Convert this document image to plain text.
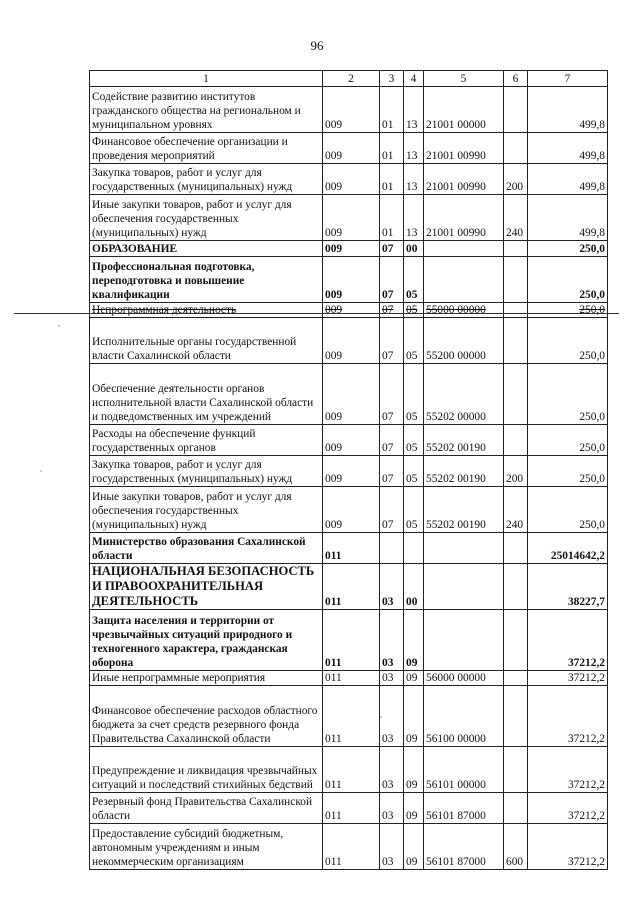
96
1	2	3	4	5	6	7
Содействие развитию институтов гражданского общества на региональном и муниципальном уровнях	009	01	13	21001 00000		499,8
Финансовое обеспечение организации и проведения мероприятий	009	01	13	21001 00990		499,8
Закупка товаров, работ и услуг для государственных (муниципальных) нужд	009	01	13	21001 00990	200	499,8
Иные закупки товаров, работ и услуг для обеспечения государственных (муниципальных) нужд	009	01	13	21001 00990	240	499,8
ОБРАЗОВАНИЕ	009	07	00			250,0
Профессиональная подготовка, переподготовка и повышение квалификации	009	07	05			250,0
Непрограммная деятельность	009	07	05	55000 00000		250,0
Исполнительные органы государственной власти Сахалинской области	009	07	05	55200 00000		250,0
Обеспечение деятельности органов исполнительной власти Сахалинской области и подведомственных им учреждений	009	07	05	55202 00000		250,0
Расходы на обеспечение функций государственных органов	009	07	05	55202 00190		250,0
Закупка товаров, работ и услуг для государственных (муниципальных) нужд	009	07	05	55202 00190	200	250,0
Иные закупки товаров, работ и услуг для обеспечения государственных (муниципальных) нужд	009	07	05	55202 00190	240	250,0
Министерство образования Сахалинской области	011					25014642,2
НАЦИОНАЛЬНАЯ БЕЗОПАСНОСТЬ И ПРАВООХРАНИТЕЛЬНАЯ ДЕЯТЕЛЬНОСТЬ	011	03	00			38227,7
Защита населения и территории от чрезвычайных ситуаций природного и техногенного характера, гражданская оборона	011	03	09			37212,2
Иные непрограммные мероприятия	011	03	09	56000 00000		37212,2
Финансовое обеспечение расходов областного бюджета за счет средств резервного фонда Правительства Сахалинской области	011	03	09	56100 00000		37212,2
Предупреждение и ликвидация чрезвычайных ситуаций и последствий стихийных бедствий	011	03	09	56101 00000		37212,2
Резервный фонд Правительства Сахалинской области	011	03	09	56101 87000		37212,2
Предоставление субсидий бюджетным, автономным учреждениям и иным некоммерческим организациям	011	03	09	56101 87000	600	37212,2
